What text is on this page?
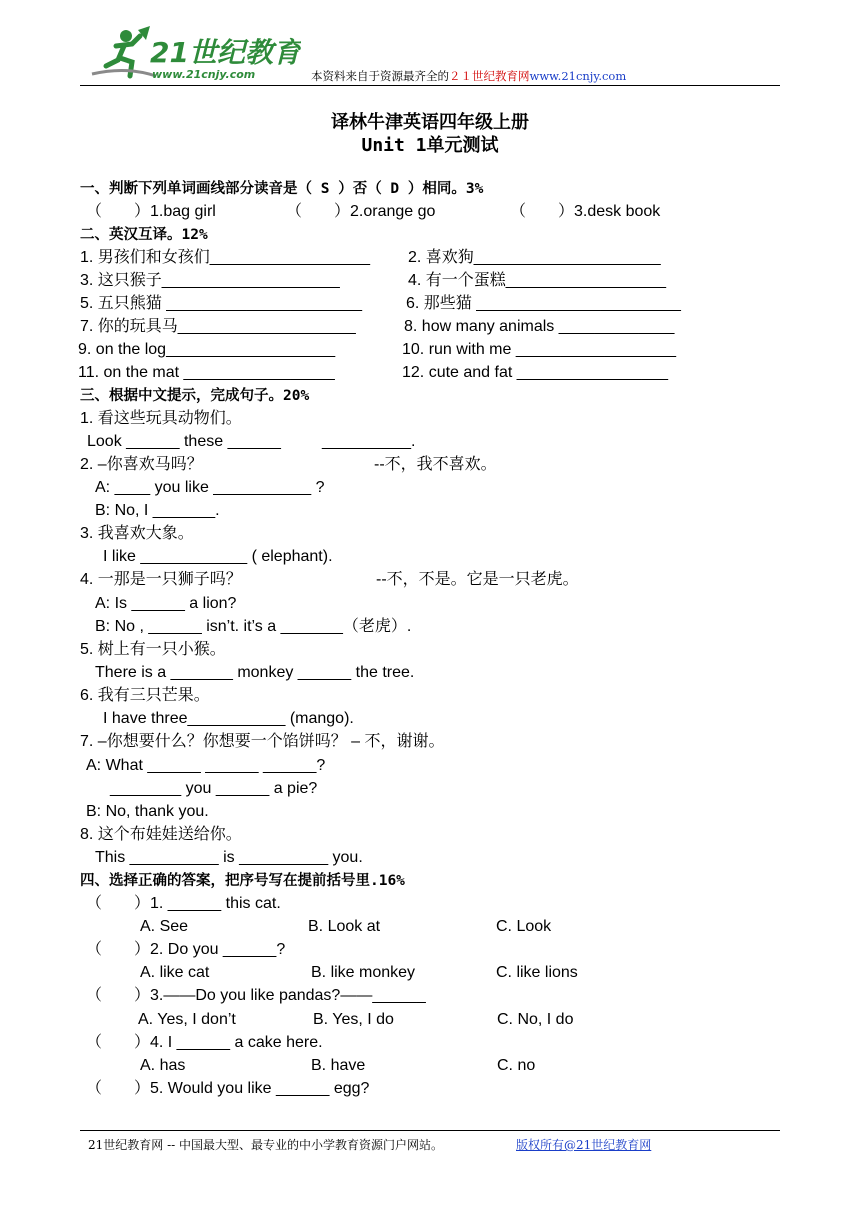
21世纪教育
www.21cnjy.com	本资料来自于资源最齐全的２１世纪教育网www.21cnjy.com
译林牛津英语四年级上册
Unit 1单元测试
一、判断下列单词画线部分读音是（ S ）否（ D ）相同。3%
（　　）1.bag girl	（　　）2.orange go	（　　）3.desk book
二、英汉互译。12%
1. 男孩们和女孩们__________________ 2. 喜欢狗_____________________
3. 这只猴子____________________	4. 有一个蛋糕__________________
5. 五只熊猫 ______________________	6. 那些猫 _______________________
7. 你的玩具马____________________	8. how many animals _____________
9. on the log___________________	10. run with me __________________
11. on the mat _________________	12. cute and fat _________________
三、根据中文提示，完成句子。20%
1. 看这些玩具动物们。
Look ______ these ______	__________.
2. –你喜欢马吗？	--不，我不喜欢。
A: ____ you like ___________ ?
B: No, I _______.
3. 我喜欢大象。
I like ____________ ( elephant).
4. 一那是一只狮子吗？	--不，不是。它是一只老虎。
A: Is ______ a lion?
B: No , ______ isn’t. it’s a _______（老虎）.
5. 树上有一只小猴。
There is a _______ monkey ______ the tree.
6. 我有三只芒果。
I have three___________ (mango).
7. –你想要什么？你想要一个馅饼吗？ – 不，谢谢。
A: What ______ ______ ______?
________ you ______ a pie?
B: No, thank you.
8. 这个布娃娃送给你。
This __________ is __________ you.
四、选择正确的答案，把序号写在提前括号里.16%
（　　）1. ______ this cat.
A. See	B. Look at	C. Look
（　　）2. Do you ______?
A. like cat	B. like monkey	C. like lions
（　　）3.——Do you like pandas?——______
A. Yes, I don’t	B. Yes, I do	C. No, I do
（　　）4. I ______ a cake here.
A. has	B. have	C. no
（　　）5. Would you like ______ egg?
21世纪教育网 -- 中国最大型、最专业的中小学教育资源门户网站。	版权所有@21世纪教育网
